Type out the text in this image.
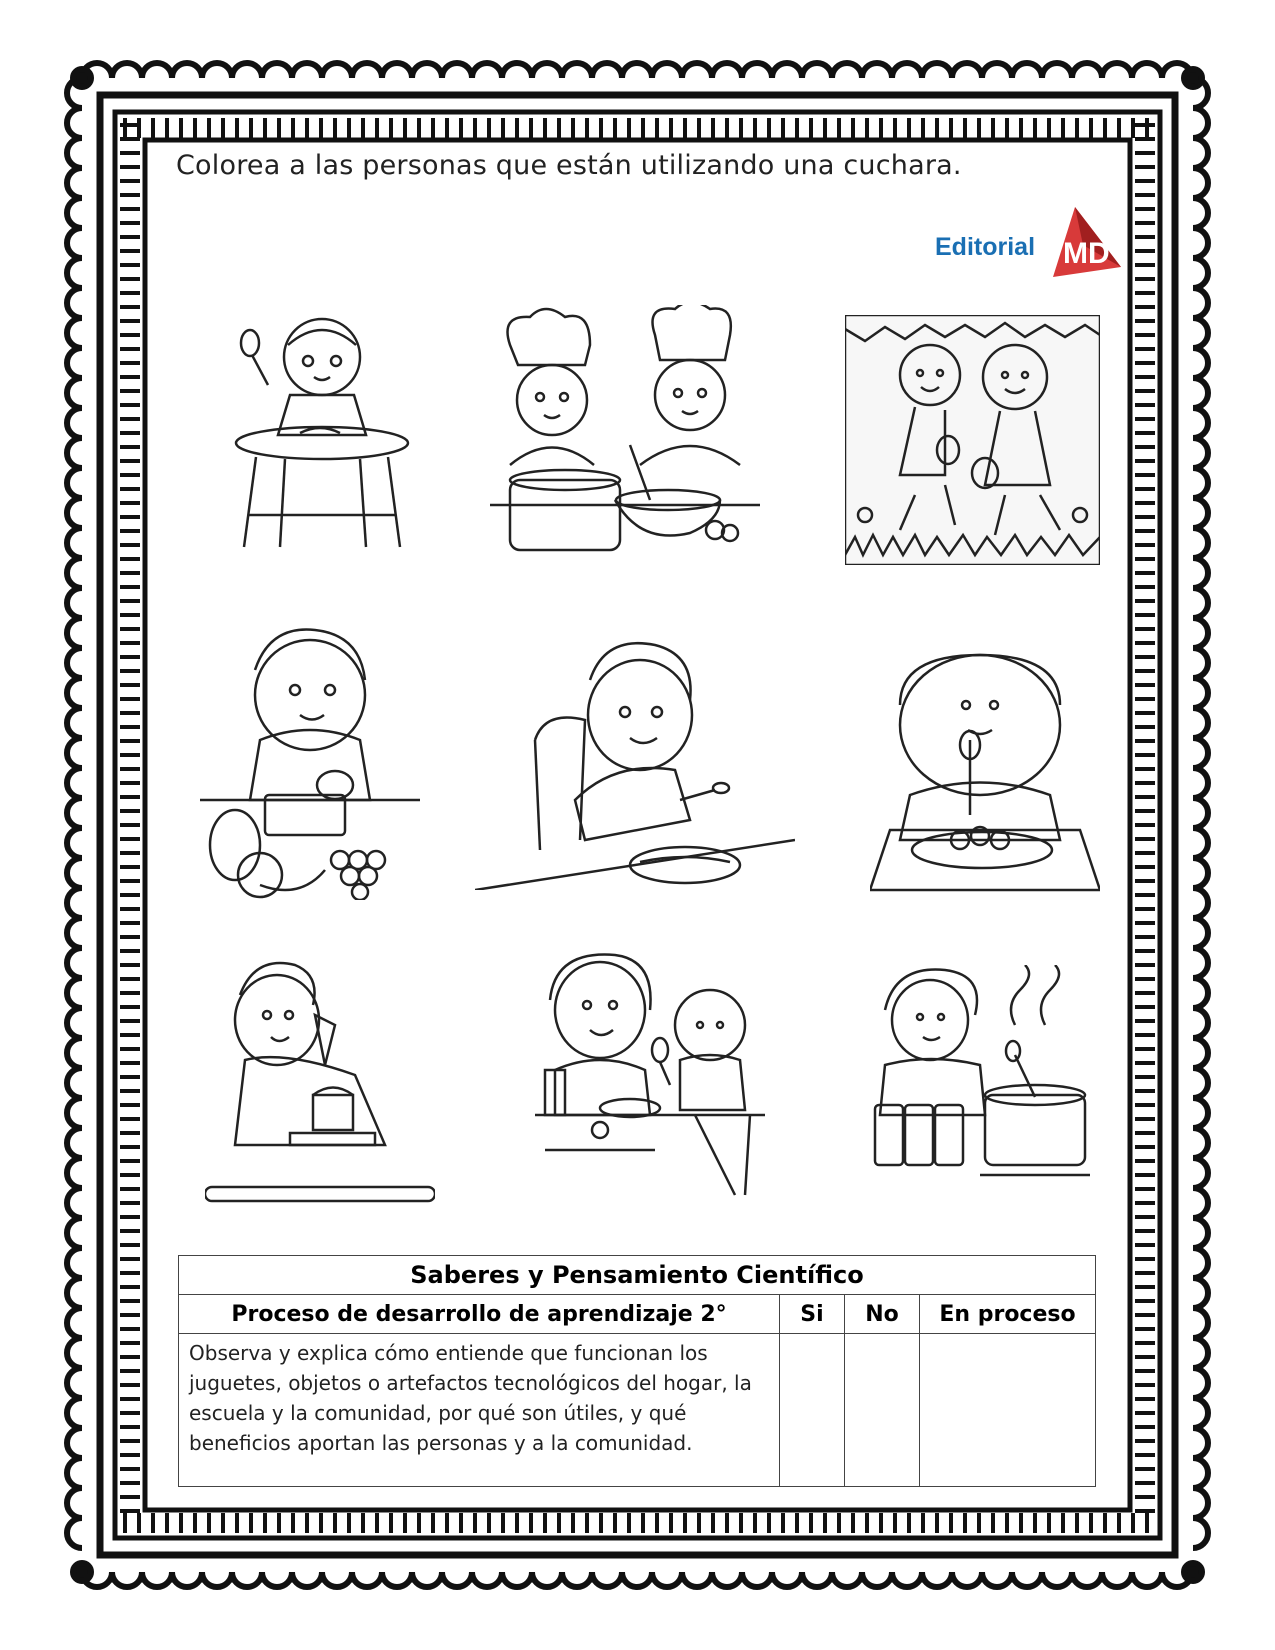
Colorea a las personas que están utilizando una cuchara.
Editorial MD
Saberes y Pensamiento Científico			
Proceso de desarrollo de aprendizaje 2°	Si	No	En proceso
Observa y explica cómo entiende que funcionan los juguetes, objetos o artefactos tecnológicos del hogar, la escuela y la comunidad, por qué son útiles, y qué beneficios aportan las personas y a la comunidad.			
